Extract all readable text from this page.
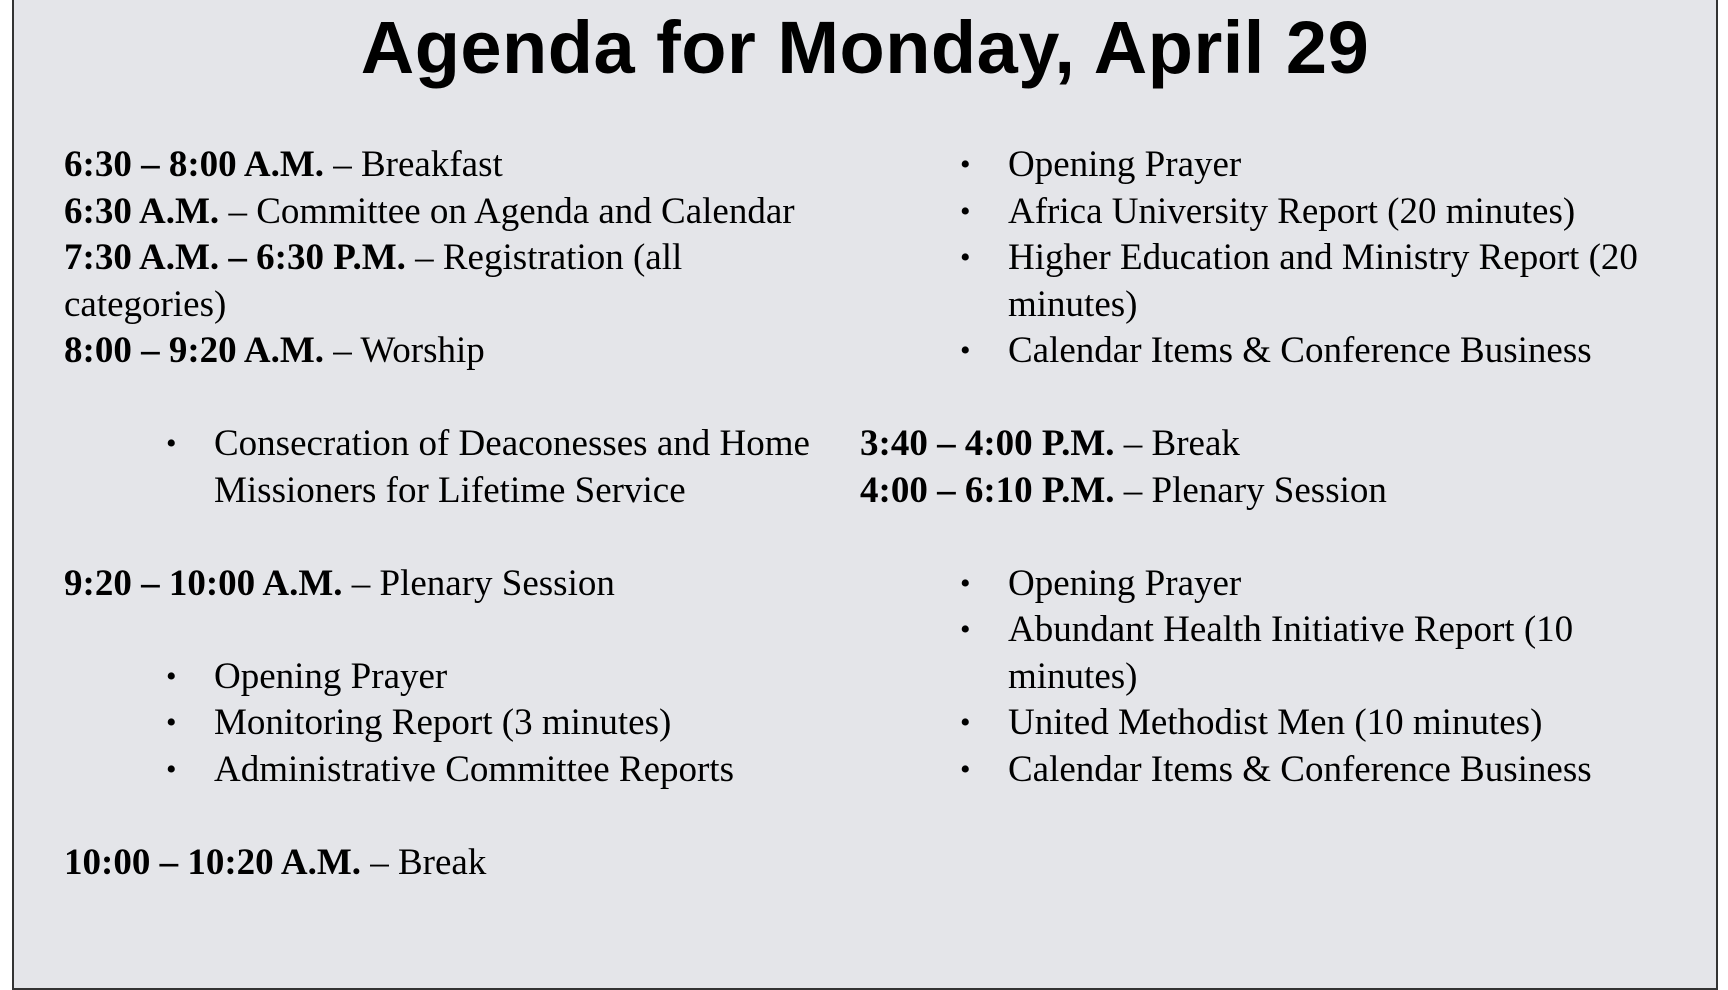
Agenda for Monday, April 29

6:30 – 8:00 A.M. – Breakfast

6:30 A.M. – Committee on Agenda and Calendar

7:30 A.M. – 6:30 P.M. – Registration (all categories)

8:00 – 9:20 A.M. – Worship

• Consecration of Deaconesses and Home Missioners for Lifetime Service

9:20 – 10:00 A.M. – Plenary Session

• Opening Prayer
• Monitoring Report (3 minutes)
• Administrative Committee Reports

10:00 – 10:20 A.M. – Break

• Opening Prayer
• Africa University Report (20 minutes)
• Higher Education and Ministry Report (20 minutes)
• Calendar Items & Conference Business

3:40 – 4:00 P.M. – Break

4:00 – 6:10 P.M. – Plenary Session

• Opening Prayer
• Abundant Health Initiative Report (10 minutes)
• United Methodist Men (10 minutes)
• Calendar Items & Conference Business
